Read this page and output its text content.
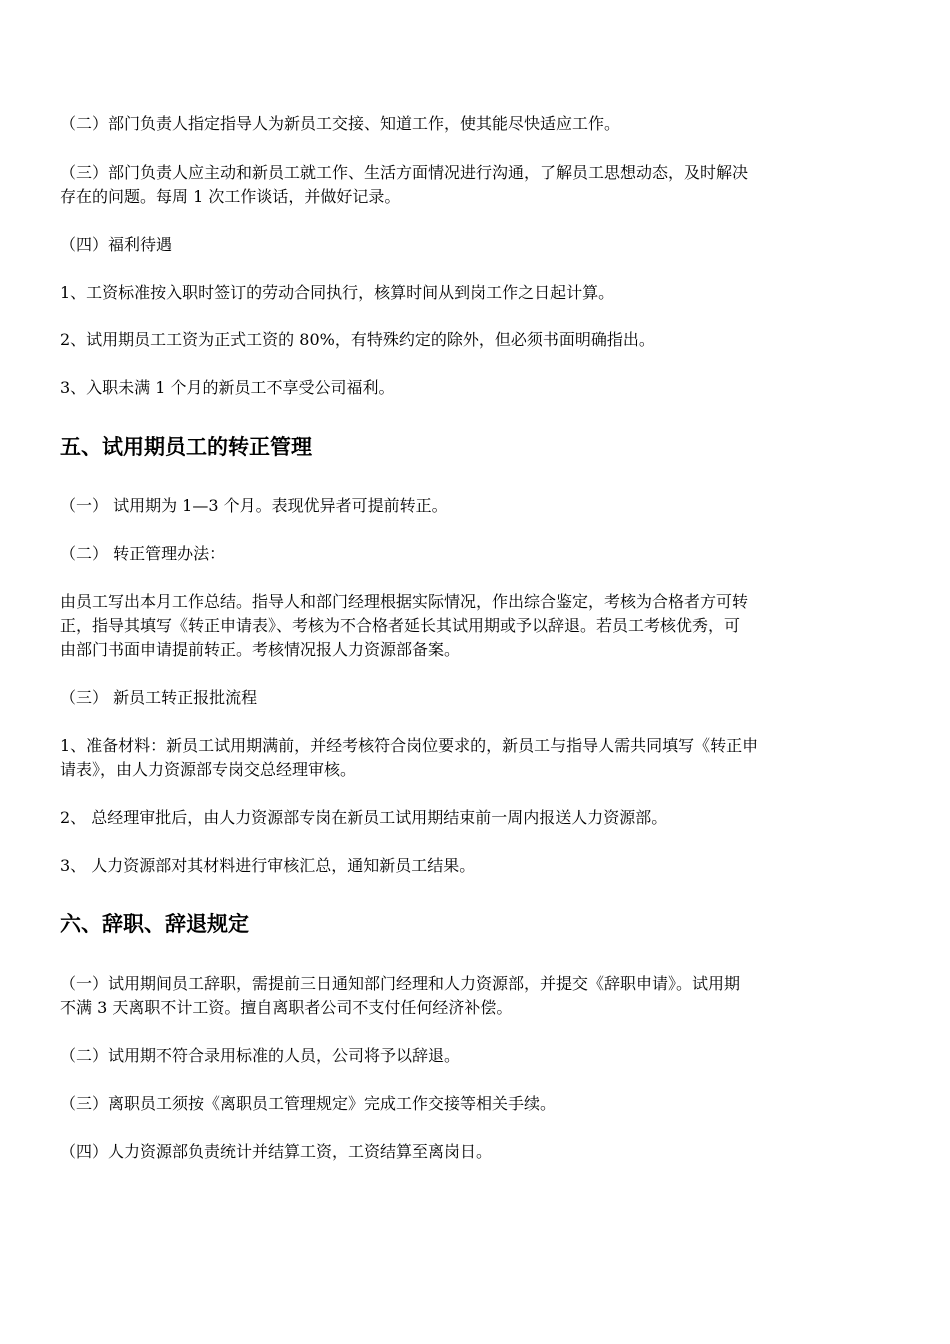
（二）部门负责人指定指导人为新员工交接、知道工作，使其能尽快适应工作。
（三）部门负责人应主动和新员工就工作、生活方面情况进行沟通，了解员工思想动态，及时解决
存在的问题。每周 1 次工作谈话，并做好记录。
（四）福利待遇
1、工资标准按入职时签订的劳动合同执行，核算时间从到岗工作之日起计算。
2、试用期员工工资为正式工资的 80%，有特殊约定的除外，但必须书面明确指出。
3、入职未满 1 个月的新员工不享受公司福利。
五、试用期员工的转正管理
（一） 试用期为 1—3 个月。表现优异者可提前转正。
（二） 转正管理办法：
由员工写出本月工作总结。指导人和部门经理根据实际情况，作出综合鉴定，考核为合格者方可转
正，指导其填写《转正申请表》、考核为不合格者延长其试用期或予以辞退。若员工考核优秀，可
由部门书面申请提前转正。考核情况报人力资源部备案。
（三） 新员工转正报批流程
1、准备材料：新员工试用期满前，并经考核符合岗位要求的，新员工与指导人需共同填写《转正申
请表》，由人力资源部专岗交总经理审核。
2、 总经理审批后，由人力资源部专岗在新员工试用期结束前一周内报送人力资源部。
3、 人力资源部对其材料进行审核汇总，通知新员工结果。
六、辞职、辞退规定
（一）试用期间员工辞职，需提前三日通知部门经理和人力资源部，并提交《辞职申请》。试用期
不满 3 天离职不计工资。擅自离职者公司不支付任何经济补偿。
（二）试用期不符合录用标准的人员，公司将予以辞退。
（三）离职员工须按《离职员工管理规定》完成工作交接等相关手续。
（四）人力资源部负责统计并结算工资，工资结算至离岗日。
